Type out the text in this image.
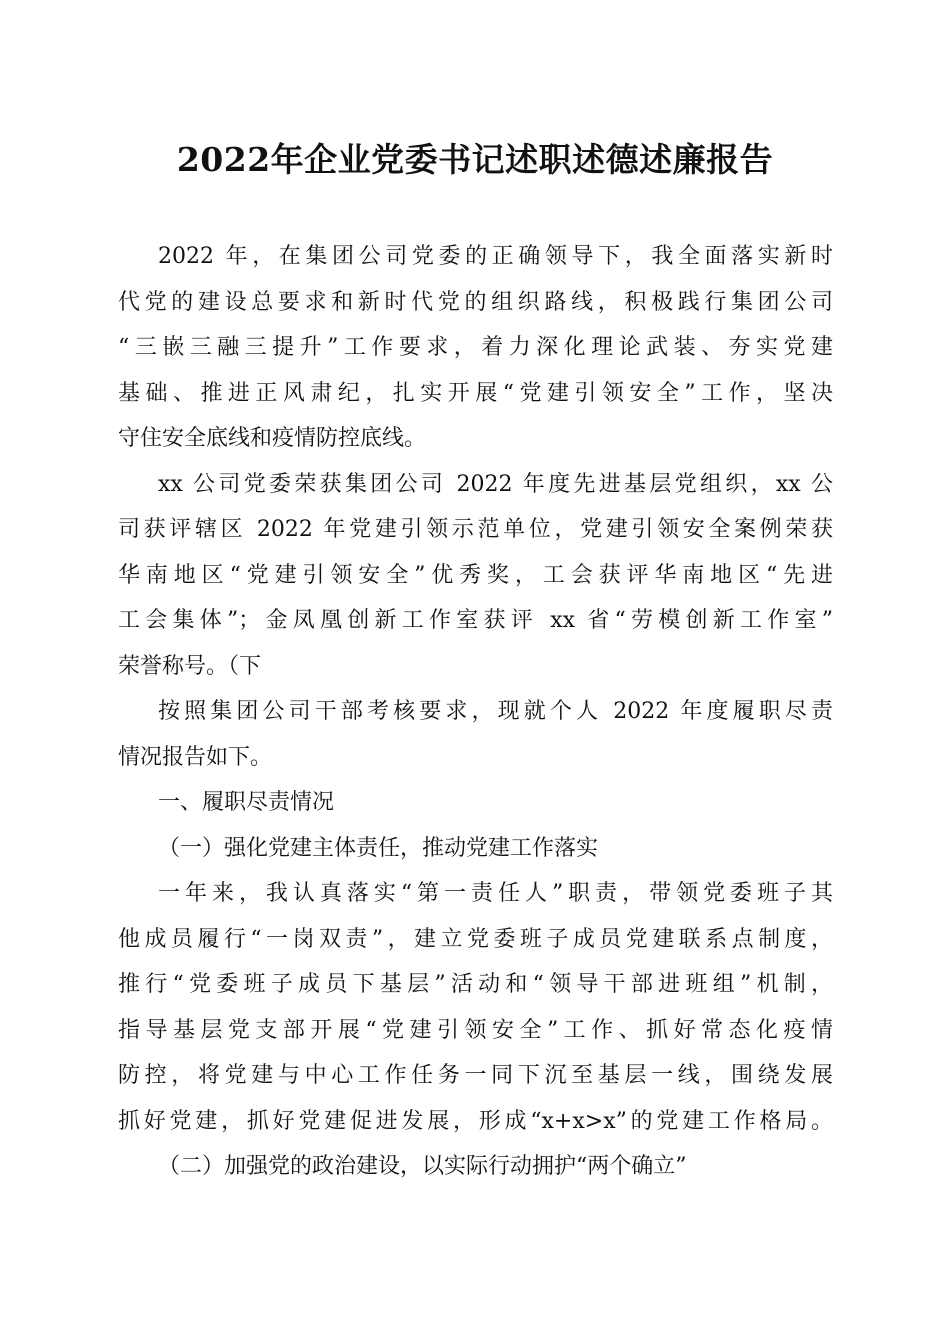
2022年企业党委书记述职述德述廉报告
2022 年，在集团公司党委的正确领导下，我全面落实新时
代党的建设总要求和新时代党的组织路线，积极践行集团公司
“三嵌三融三提升”工作要求，着力深化理论武装、夯实党建
基础、推进正风肃纪，扎实开展“党建引领安全”工作，坚决
守住安全底线和疫情防控底线。
xx 公司党委荣获集团公司 2022 年度先进基层党组织，xx 公
司获评辖区 2022 年党建引领示范单位，党建引领安全案例荣获
华南地区“党建引领安全”优秀奖，工会获评华南地区“先进
工会集体”；金凤凰创新工作室获评 xx 省“劳模创新工作室”
荣誉称号。（下
按照集团公司干部考核要求，现就个人 2022 年度履职尽责
情况报告如下。
一、履职尽责情况
（一）强化党建主体责任，推动党建工作落实
一年来，我认真落实“第一责任人”职责，带领党委班子其
他成员履行“一岗双责”，建立党委班子成员党建联系点制度，
推行“党委班子成员下基层”活动和“领导干部进班组”机制，
指导基层党支部开展“党建引领安全”工作、抓好常态化疫情
防控，将党建与中心工作任务一同下沉至基层一线，围绕发展
抓好党建，抓好党建促进发展，形成“x+x>x”的党建工作格局。
（二）加强党的政治建设，以实际行动拥护“两个确立”
